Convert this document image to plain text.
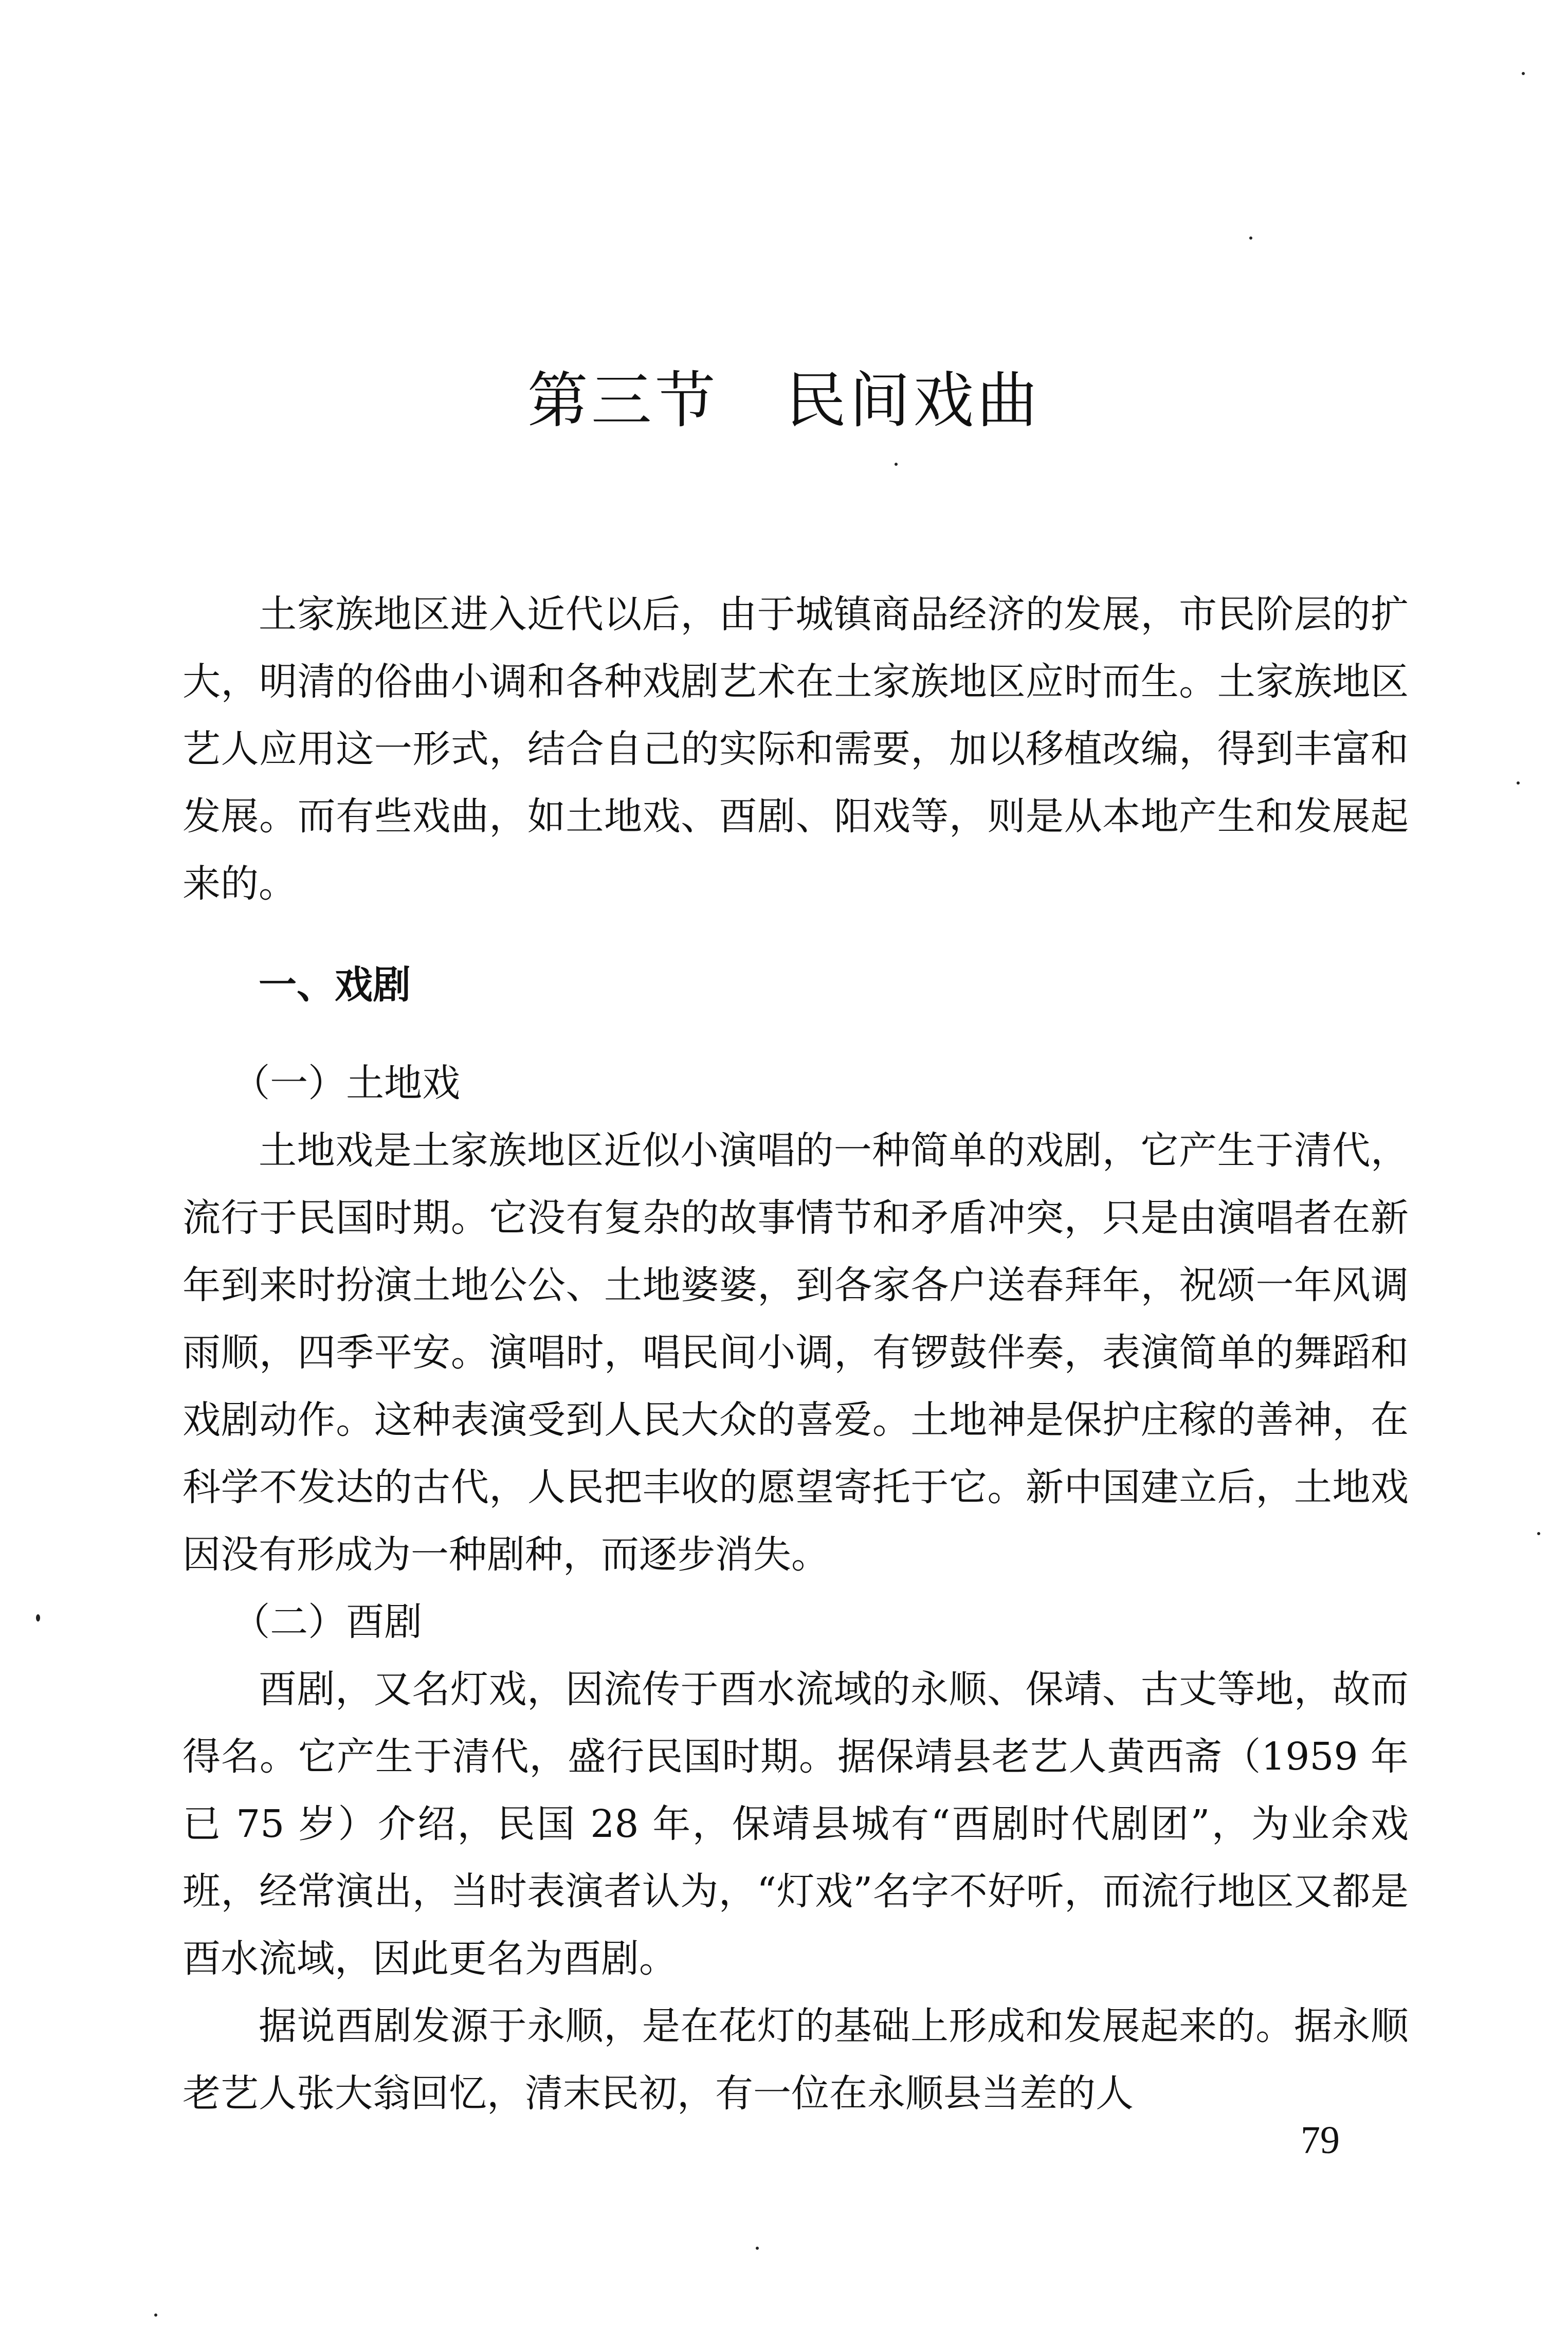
第三节   民间戏曲

土家族地区进入近代以后，由于城镇商品经济的发展，市民阶层的扩大，明清的俗曲小调和各种戏剧艺术在土家族地区应时而生。土家族地区艺人应用这一形式，结合自己的实际和需要，加以移植改编，得到丰富和发展。而有些戏曲，如土地戏、酉剧、阳戏等，则是从本地产生和发展起来的。

一、戏剧

（一）土地戏

土地戏是土家族地区近似小演唱的一种简单的戏剧，它产生于清代，流行于民国时期。它没有复杂的故事情节和矛盾冲突，只是由演唱者在新年到来时扮演土地公公、土地婆婆，到各家各户送春拜年，祝颂一年风调雨顺，四季平安。演唱时，唱民间小调，有锣鼓伴奏，表演简单的舞蹈和戏剧动作。这种表演受到人民大众的喜爱。土地神是保护庄稼的善神，在科学不发达的古代，人民把丰收的愿望寄托于它。新中国建立后，土地戏因没有形成为一种剧种，而逐步消失。

（二）酉剧

酉剧，又名灯戏，因流传于酉水流域的永顺、保靖、古丈等地，故而得名。它产生于清代，盛行民国时期。据保靖县老艺人黄西斋（1959 年已 75 岁）介绍，民国 28 年，保靖县城有“酉剧时代剧团”，为业余戏班，经常演出，当时表演者认为，“灯戏”名字不好听，而流行地区又都是酉水流域，因此更名为酉剧。

据说酉剧发源于永顺，是在花灯的基础上形成和发展起来的。据永顺老艺人张大翁回忆，清末民初，有一位在永顺县当差的人

79
